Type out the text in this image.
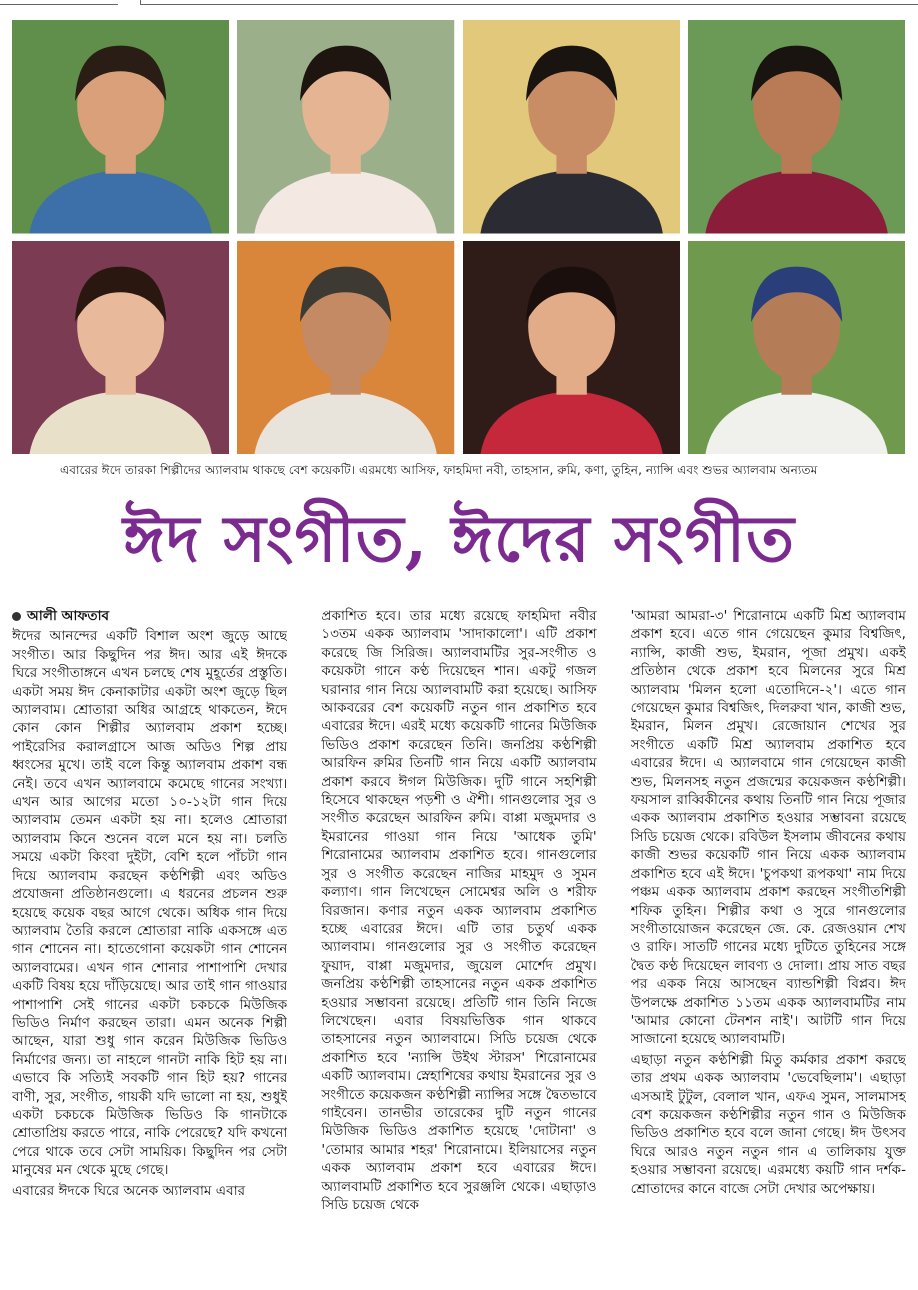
এবারের ঈদে তারকা শিল্পীদের অ্যালবাম থাকছে বেশ কয়েকটি। এরমধ্যে আসিফ, ফাহমিদা নবী, তাহসান, রুমি, কণা, তুহিন, ন্যান্সি এবং শুভর অ্যালবাম অন্যতম
ঈদ সংগীত, ঈদের সংগীত

আলী আফতাব

ঈদের আনন্দের একটি বিশাল অংশ জুড়ে আছে সংগীত। আর কিছুদিন পর ঈদ। আর এই ঈদকে ঘিরে সংগীতাঙ্গনে এখন চলছে শেষ মুহূর্তের প্রস্তুতি। একটা সময় ঈদ কেনাকাটার একটা অংশ জুড়ে ছিল অ্যালবাম। শ্রোতারা অধির আগ্রহে থাকতেন, ঈদে কোন কোন শিল্পীর অ্যালবাম প্রকাশ হচ্ছে। পাইরেসির করালগ্রাসে আজ অডিও শিল্প প্রায় ধ্বংসের মুখে। তাই বলে কিন্তু অ্যালবাম প্রকাশ বন্ধ নেই। তবে এখন অ্যালবামে কমেছে গানের সংখ্যা। এখন আর আগের মতো ১০-১২টা গান দিয়ে অ্যালবাম তেমন একটা হয় না। হলেও শ্রোতারা অ্যালবাম কিনে শুনেন বলে মনে হয় না। চলতি সময়ে একটা কিংবা দুইটা, বেশি হলে পাঁচটা গান দিয়ে অ্যালবাম করছেন কণ্ঠশিল্পী এবং অডিও প্রযোজনা প্রতিষ্ঠানগুলো। এ ধরনের প্রচলন শুরু হয়েছে কয়েক বছর আগে থেকে। অধিক গান দিয়ে অ্যালবাম তৈরি করলে শ্রোতারা নাকি একসঙ্গে এত গান শোনেন না। হাতেগোনা কয়েকটা গান শোনেন অ্যালবামের। এখন গান শোনার পাশাপাশি দেখার একটি বিষয় হয়ে দাঁড়িয়েছে। আর তাই গান গাওয়ার পাশাপাশি সেই গানের একটা চকচকে মিউজিক ভিডিও নির্মাণ করছেন তারা। এমন অনেক শিল্পী আছেন, যারা শুধু গান করেন মিউজিক ভিডিও নির্মাণের জন্য। তা নাহলে গানটা নাকি হিট হয় না। এভাবে কি সত্যিই সবকটি গান হিট হয়? গানের বাণী, সুর, সংগীত, গায়কী যদি ভালো না হয়, শুধুই একটা চকচকে মিউজিক ভিডিও কি গানটাকে শ্রোতাপ্রিয় করতে পারে, নাকি পেরেছে? যদি কখনো পেরে থাকে তবে সেটা সাময়িক। কিছুদিন পর সেটা মানুষের মন থেকে মুছে গেছে।

এবারের ঈদকে ঘিরে অনেক অ্যালবাম এবার

প্রকাশিত হবে। তার মধ্যে রয়েছে ফাহমিদা নবীর ১৩তম একক অ্যালবাম 'সাদাকালো'। এটি প্রকাশ করেছে জি সিরিজ। অ্যালবামটির সুর-সংগীত ও কয়েকটা গানে কণ্ঠ দিয়েছেন শান। একটু গজল ঘরানার গান নিয়ে অ্যালবামটি করা হয়েছে। আসিফ আকবরের বেশ কয়েকটি নতুন গান প্রকাশিত হবে এবারের ঈদে। এরই মধ্যে কয়েকটি গানের মিউজিক ভিডিও প্রকাশ করেছেন তিনি। জনপ্রিয় কণ্ঠশিল্পী আরফিন রুমির তিনটি গান নিয়ে একটি অ্যালবাম প্রকাশ করবে ঈগল মিউজিক। দুটি গানে সহশিল্পী হিসেবে থাকছেন পড়শী ও ঐশী। গানগুলোর সুর ও সংগীত করেছেন আরফিন রুমি। বাপ্পা মজুমদার ও ইমরানের গাওয়া গান নিয়ে 'আধেক তুমি' শিরোনামের অ্যালবাম প্রকাশিত হবে। গানগুলোর সুর ও সংগীত করেছেন নাজির মাহমুদ ও সুমন কল্যাণ। গান লিখেছেন সোমেশ্বর অলি ও শরীফ বিরজান। কণার নতুন একক অ্যালবাম প্রকাশিত হচ্ছে এবারের ঈদে। এটি তার চতুর্থ একক অ্যালবাম। গানগুলোর সুর ও সংগীত করেছেন ফুয়াদ, বাপ্পা মজুমদার, জুয়েল মোর্শেদ প্রমুখ। জনপ্রিয় কণ্ঠশিল্পী তাহসানের নতুন একক প্রকাশিত হওয়ার সম্ভাবনা রয়েছে। প্রতিটি গান তিনি নিজে লিখেছেন। এবার বিষয়ভিত্তিক গান থাকবে তাহসানের নতুন অ্যালবামে। সিডি চয়েজ থেকে প্রকাশিত হবে 'ন্যান্সি উইথ স্টারস' শিরোনামের একটি অ্যালবাম। স্নেহাশিষের কথায় ইমরানের সুর ও সংগীতে কয়েকজন কণ্ঠশিল্পী ন্যান্সির সঙ্গে দ্বৈতভাবে গাইবেন। তানভীর তারেকের দুটি নতুন গানের মিউজিক ভিডিও প্রকাশিত হয়েছে 'দোটানা' ও 'তোমার আমার শহর' শিরোনামে। ইলিয়াসের নতুন একক অ্যালবাম প্রকাশ হবে এবারের ঈদে। অ্যালবামটি প্রকাশিত হবে সুরঞ্জলি থেকে। এছাড়াও সিডি চয়েজ থেকে

'আমরা আমরা-৩' শিরোনামে একটি মিশ্র অ্যালবাম প্রকাশ হবে। এতে গান গেয়েছেন কুমার বিশ্বজিৎ, ন্যান্সি, কাজী শুভ, ইমরান, পূজা প্রমুখ। একই প্রতিষ্ঠান থেকে প্রকাশ হবে মিলনের সুরে মিশ্র অ্যালবাম 'মিলন হলো এতোদিনে-২'। এতে গান গেয়েছেন কুমার বিশ্বজিৎ, দিলরুবা খান, কাজী শুভ, ইমরান, মিলন প্রমুখ। রেজোয়ান শেখের সুর সংগীতে একটি মিশ্র অ্যালবাম প্রকাশিত হবে এবারের ঈদে। এ অ্যালবামে গান গেয়েছেন কাজী শুভ, মিলনসহ নতুন প্রজন্মের কয়েকজন কণ্ঠশিল্পী। ফয়সাল রাব্বিকীনের কথায় তিনটি গান নিয়ে পূজার একক অ্যালবাম প্রকাশিত হওয়ার সম্ভাবনা রয়েছে সিডি চয়েজ থেকে। রবিউল ইসলাম জীবনের কথায় কাজী শুভর কয়েকটি গান নিয়ে একক অ্যালবাম প্রকাশিত হবে এই ঈদে। 'চুপকথা রূপকথা' নাম দিয়ে পঞ্চম একক অ্যালবাম প্রকাশ করছেন সংগীতশিল্পী শফিক তুহিন। শিল্পীর কথা ও সুরে গানগুলোর সংগীতায়োজন করেছেন জে. কে. রেজওয়ান শেখ ও রাফি। সাতটি গানের মধ্যে দুটিতে তুহিনের সঙ্গে দ্বৈত কণ্ঠ দিয়েছেন লাবণ্য ও দোলা। প্রায় সাত বছর পর একক নিয়ে আসছেন ব্যান্ডশিল্পী বিপ্লব। ঈদ উপলক্ষে প্রকাশিত ১১তম একক অ্যালবামটির নাম 'আমার কোনো টেনশন নাই'। আটটি গান দিয়ে সাজানো হয়েছে অ্যালবামটি।

এছাড়া নতুন কণ্ঠশিল্পী মিতু কর্মকার প্রকাশ করছে তার প্রথম একক অ্যালবাম 'ভেবেছিলাম'। এছাড়া এসআই টুটুল, বেলাল খান, এফএ সুমন, সালমাসহ বেশ কয়েকজন কণ্ঠশিল্পীর নতুন গান ও মিউজিক ভিডিও প্রকাশিত হবে বলে জানা গেছে। ঈদ উৎসব ঘিরে আরও নতুন নতুন গান এ তালিকায় যুক্ত হওয়ার সম্ভাবনা রয়েছে। এরমধ্যে কয়টি গান দর্শক-শ্রোতাদের কানে বাজে সেটা দেখার অপেক্ষায়।
